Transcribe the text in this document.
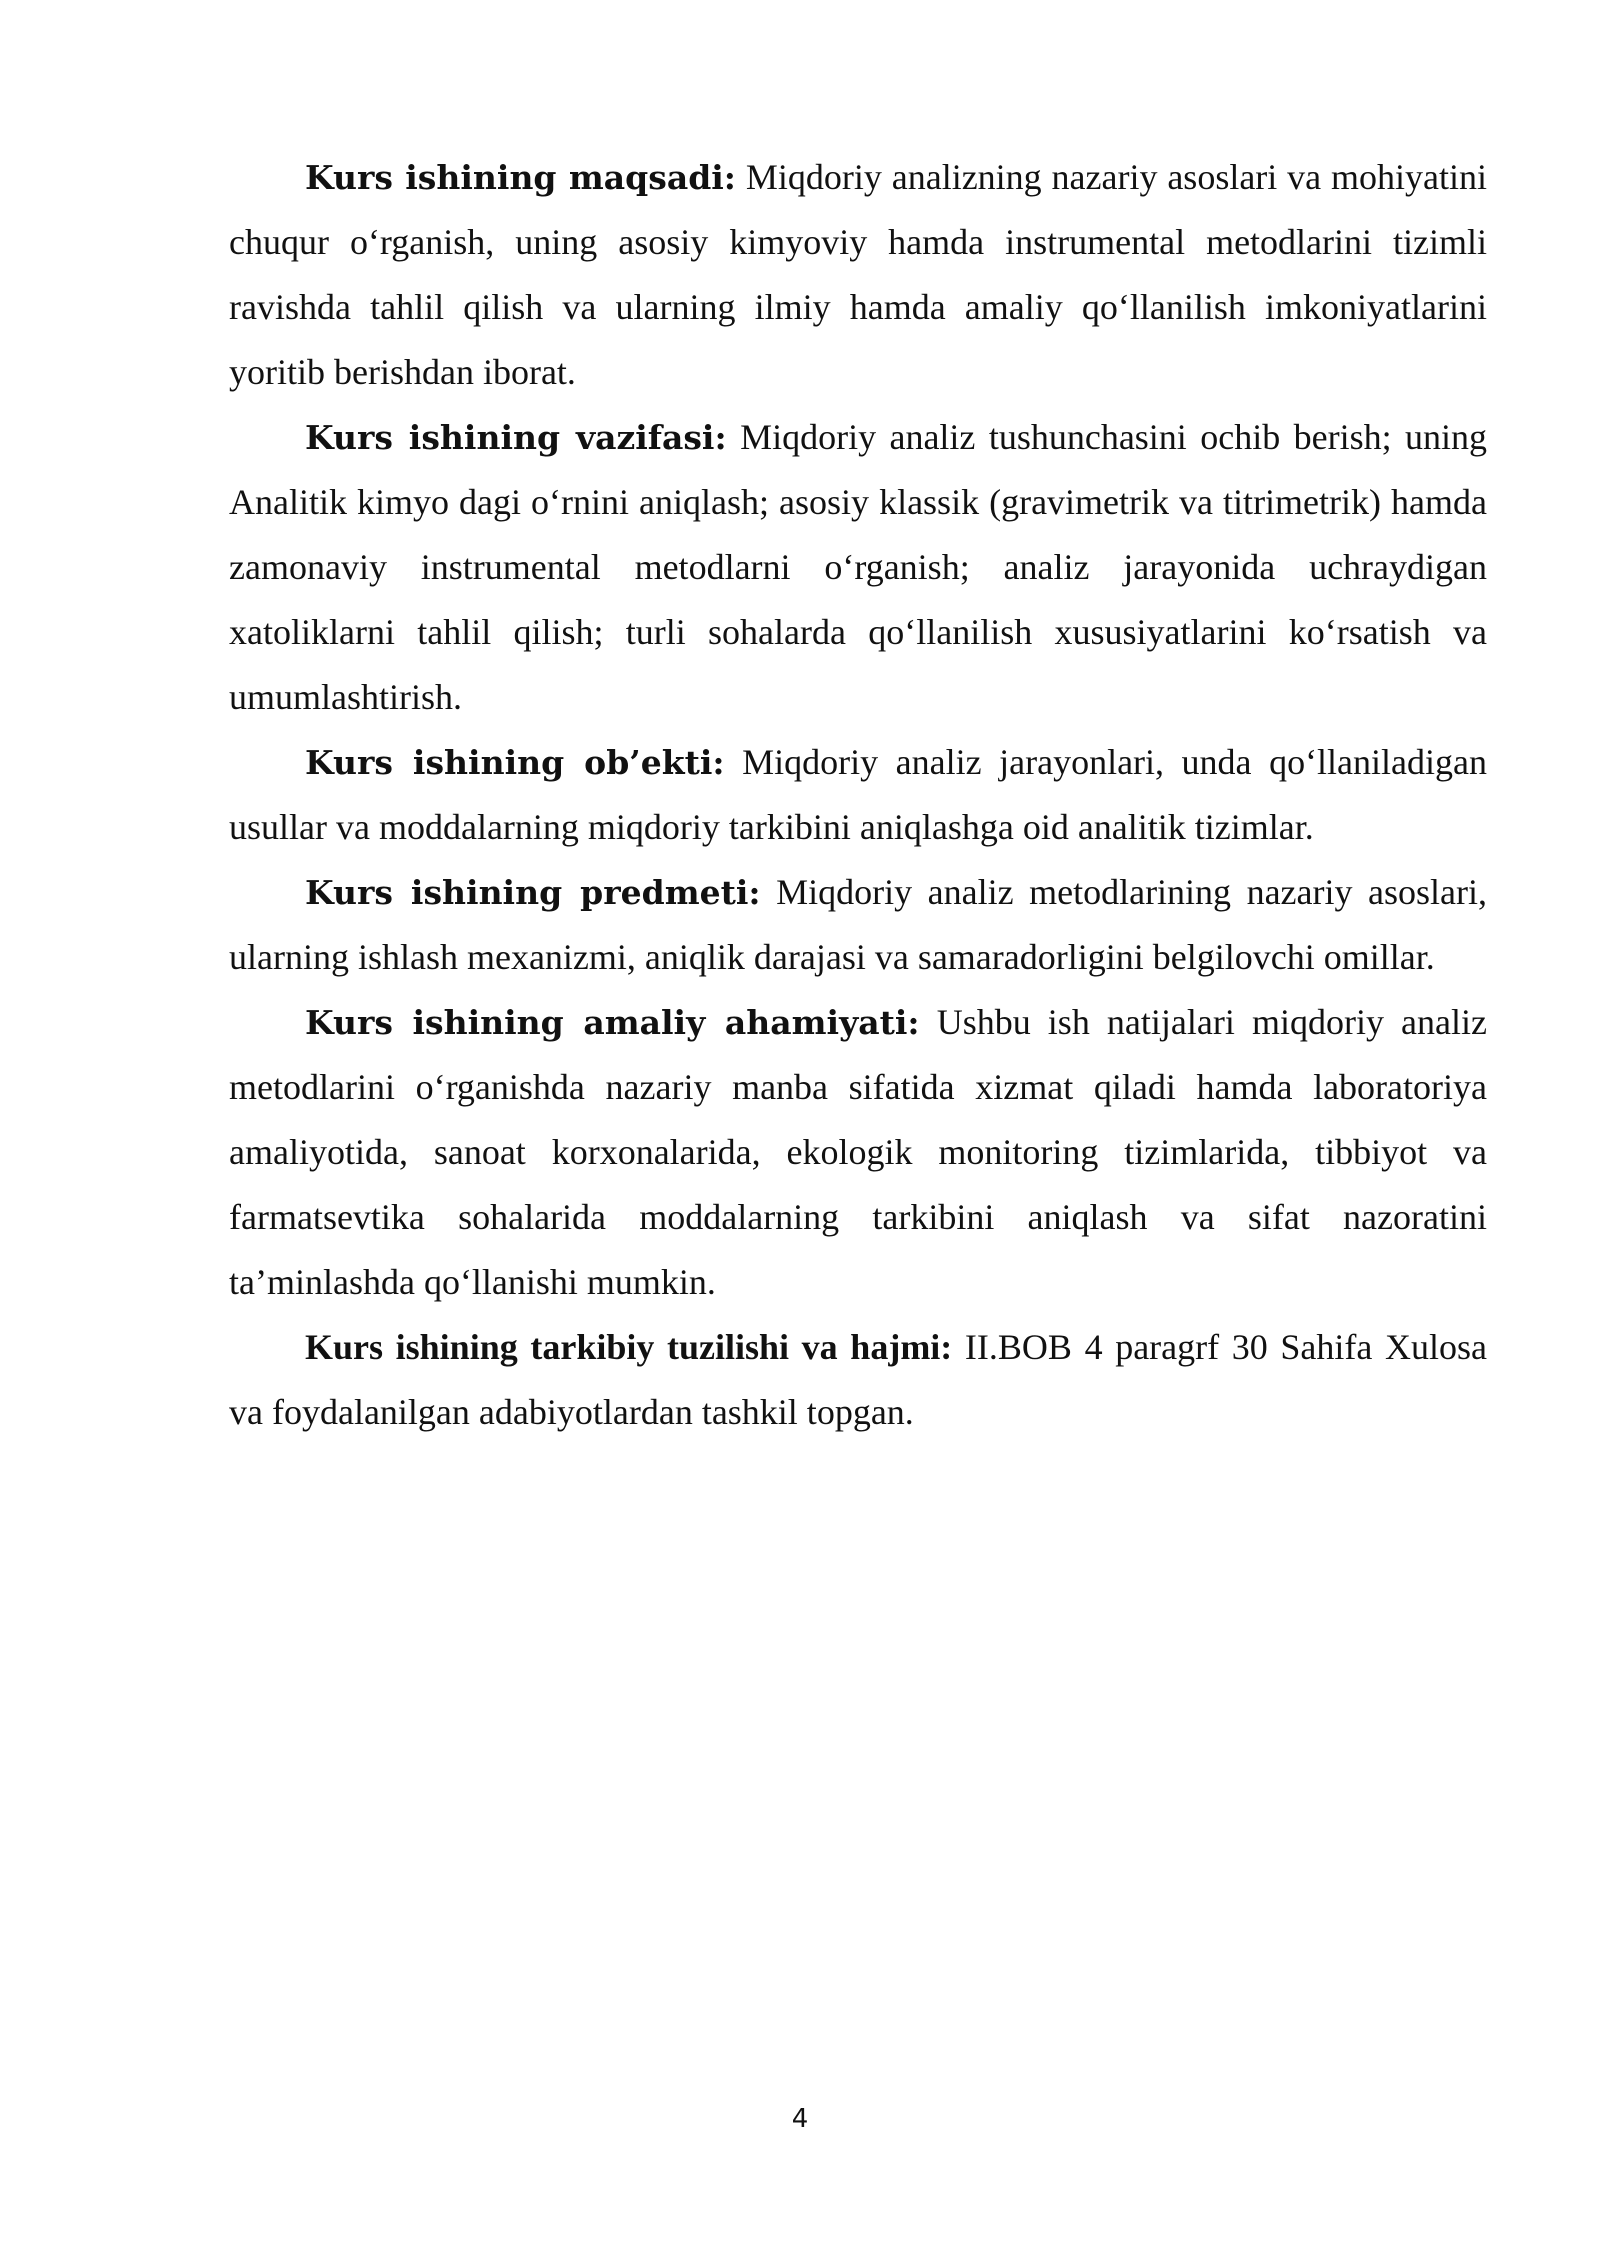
Kurs ishining maqsadi: Miqdoriy analizning nazariy asoslari va mohiyatini chuqur o‘rganish, uning asosiy kimyoviy hamda instrumental metodlarini tizimli ravishda tahlil qilish va ularning ilmiy hamda amaliy qo‘llanilish imkoniyatlarini yoritib berishdan iborat.

Kurs ishining vazifasi: Miqdoriy analiz tushunchasini ochib berish; uning Analitik kimyo dagi o‘rnini aniqlash; asosiy klassik (gravimetrik va titrimetrik) hamda zamonaviy instrumental metodlarni o‘rganish; analiz jarayonida uchraydigan xatoliklarni tahlil qilish; turli sohalarda qo‘llanilish xususiyatlarini ko‘rsatish va umumlashtirish.

Kurs ishining ob’ekti: Miqdoriy analiz jarayonlari, unda qo‘llaniladigan usullar va moddalarning miqdoriy tarkibini aniqlashga oid analitik tizimlar.

Kurs ishining predmeti: Miqdoriy analiz metodlarining nazariy asoslari, ularning ishlash mexanizmi, aniqlik darajasi va samaradorligini belgilovchi omillar.

Kurs ishining amaliy ahamiyati: Ushbu ish natijalari miqdoriy analiz metodlarini o‘rganishda nazariy manba sifatida xizmat qiladi hamda laboratoriya amaliyotida, sanoat korxonalarida, ekologik monitoring tizimlarida, tibbiyot va farmatsevtika sohalarida moddalarning tarkibini aniqlash va sifat nazoratini ta’minlashda qo‘llanishi mumkin.

Kurs ishining tarkibiy tuzilishi va hajmi: II.BOB 4 paragrf 30 Sahifa Xulosa va foydalanilgan adabiyotlardan tashkil topgan.

4
